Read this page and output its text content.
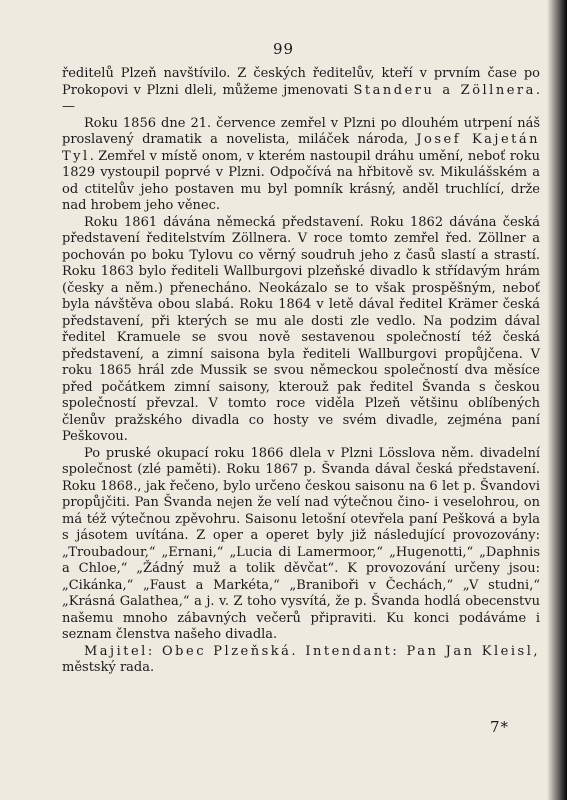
99

ředitelů Plzeň navštívilo. Z českých ředitelův, kteří v prvním čase po Prokopovi v Plzni dleli, můžeme jmenovati Standeru a Zöllnera. —

Roku 1856 dne 21. července zemřel v Plzni po dlouhém utrpení náš proslavený dramatik a novelista, miláček národa, Josef Kajetán Tyl. Zemřel v místě onom, v kterém nastoupil dráhu umění, neboť roku 1829 vystoupil poprvé v Plzni. Odpočívá na hřbitově sv. Mikulášském a od ctitelův jeho postaven mu byl pomník krásný, anděl truchlící, drže nad hrobem jeho věnec.

Roku 1861 dávána německá představení. Roku 1862 dávána česká představení ředitelstvím Zöllnera. V roce tomto zemřel řed. Zöllner a pochován po boku Tylovu co věrný soudruh jeho z časů slastí a strastí. Roku 1863 bylo řediteli Wallburgovi plzeňské divadlo k střídavým hrám (česky a něm.) přenecháno. Neokázalo se to však prospěšným, neboť byla návštěva obou slabá. Roku 1864 v letě dával ředitel Krämer česká představení, při kterých se mu ale dosti zle vedlo. Na podzim dával ředitel Kramuele se svou nově sestavenou společností též česká představení, a zimní saisona byla řediteli Wallburgovi propůjčena. V roku 1865 hrál zde Mussik se svou německou společností dva měsíce před počátkem zimní saisony, kterouž pak ředitel Švanda s českou společností převzal. V tomto roce viděla Plzeň většinu oblíbených členův pražského divadla co hosty ve svém divadle, zejména paní Peškovou.

Po pruské okupací roku 1866 dlela v Plzni Lösslova něm. divadelní společnost (zlé paměti). Roku 1867 p. Švanda dával česká představení. Roku 1868., jak řečeno, bylo určeno českou saisonu na 6 let p. Švandovi propůjčiti. Pan Švanda nejen že velí nad výtečnou čino- i veselohrou, on má též výtečnou zpěvohru. Saisonu letošní otevřela paní Pešková a byla s jásotem uvítána. Z oper a operet byly již následující provozovány: „Troubadour,“ „Ernani,“ „Lucia di Lamermoor,“ „Hugenotti,“ „Daphnis a Chloe,“ „Žádný muž a tolik děvčat“. K provozování určeny jsou: „Cikánka,“ „Faust a Markéta,“ „Braniboři v Čechách,“ „V studni,“ „Krásná Galathea,“ a j. v. Z toho vysvítá, že p. Švanda hodlá obecenstvu našemu mnoho zábavných večerů připraviti. Ku konci podáváme i seznam členstva našeho divadla.

Majitel: Obec Plzeňská. Intendant: Pan Jan Kleisl, městský rada.

7*
